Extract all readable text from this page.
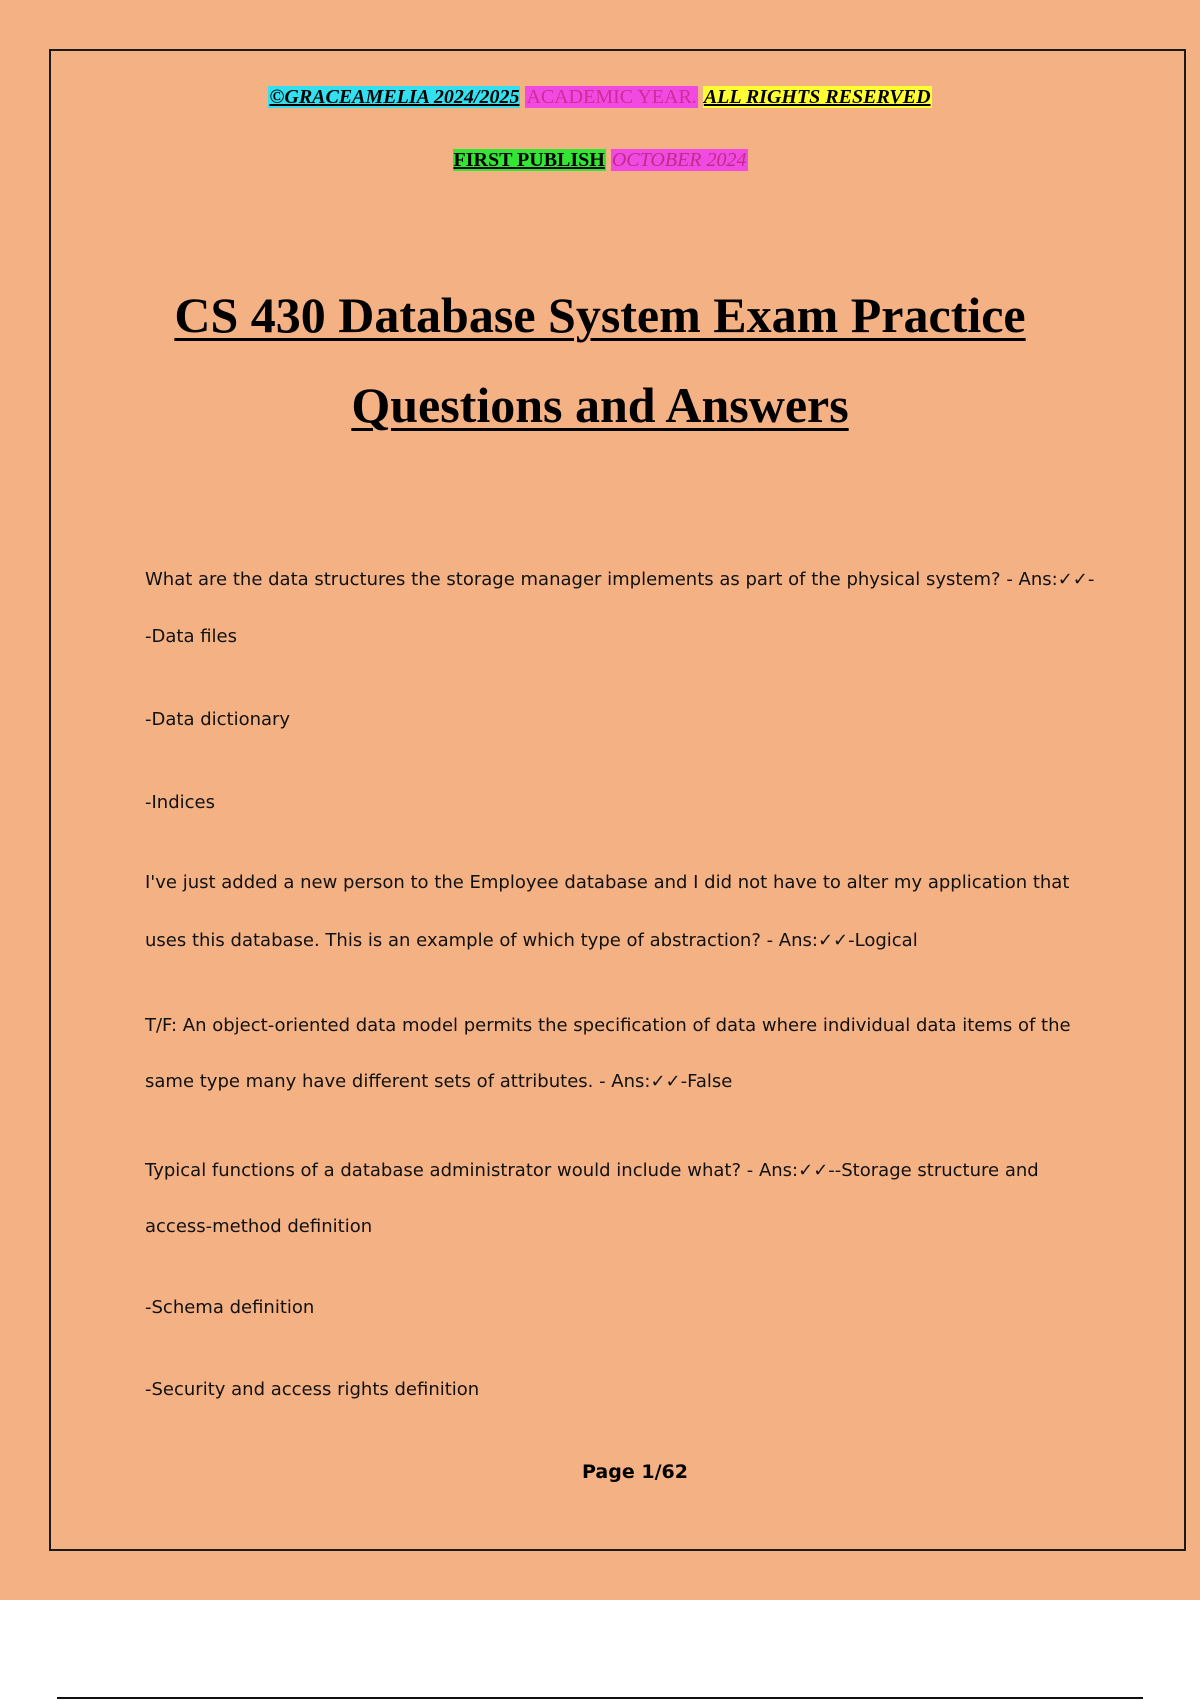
©GRACEAMELIA 2024/2025 ACADEMIC YEAR. ALL RIGHTS RESERVED
FIRST PUBLISH OCTOBER 2024
CS 430 Database System Exam Practice
Questions and Answers
What are the data structures the storage manager implements as part of the physical system? - Ans:✓✓-
-Data files
-Data dictionary
-Indices
I've just added a new person to the Employee database and I did not have to alter my application that
uses this database. This is an example of which type of abstraction? - Ans:✓✓-Logical
T/F: An object-oriented data model permits the specification of data where individual data items of the
same type many have different sets of attributes. - Ans:✓✓-False
Typical functions of a database administrator would include what? - Ans:✓✓--Storage structure and
access-method definition
-Schema definition
-Security and access rights definition
Page 1/62
